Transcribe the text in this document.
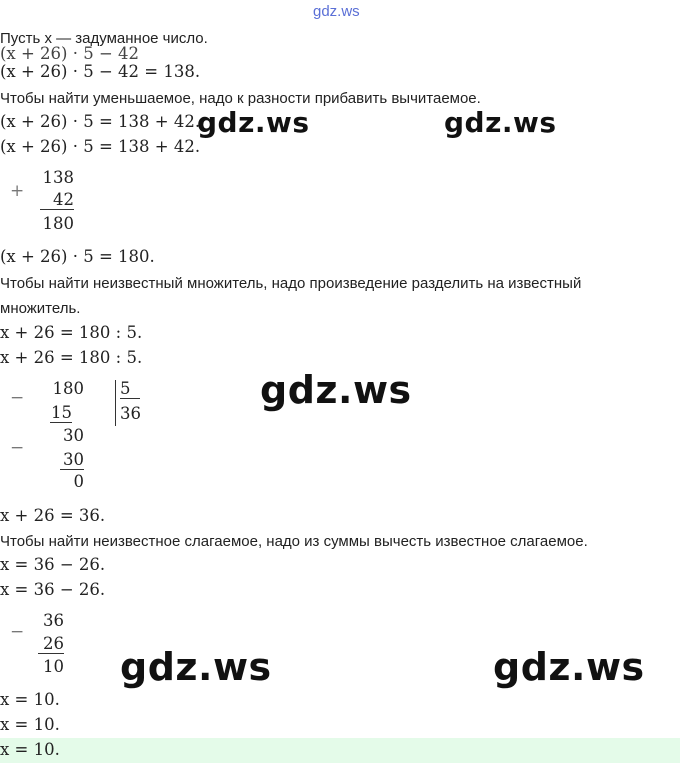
gdz.ws
Пусть x — задуманное число.
(x + 26) · 5 − 42
(x + 26) · 5 − 42 = 138.
Чтобы найти уменьшаемое, надо к разности прибавить вычитаемое.
(x + 26) · 5 = 138 + 42.
(x + 26) · 5 = 138 + 42.
+
138
42
180
(x + 26) · 5 = 180.
Чтобы найти неизвестный множитель, надо произведение разделить на известный
множитель.
x + 26 = 180 : 5.
x + 26 = 180 : 5.
− 180 5
36
15
30
−
30
0
x + 26 = 36.
Чтобы найти неизвестное слагаемое, надо из суммы вычесть известное слагаемое.
x = 36 − 26.
x = 36 − 26.
−
36
26
10
x = 10.
x = 10.
x = 10.
gdz.ws	gdz.ws
gdz.ws
gdz.ws	gdz.ws
